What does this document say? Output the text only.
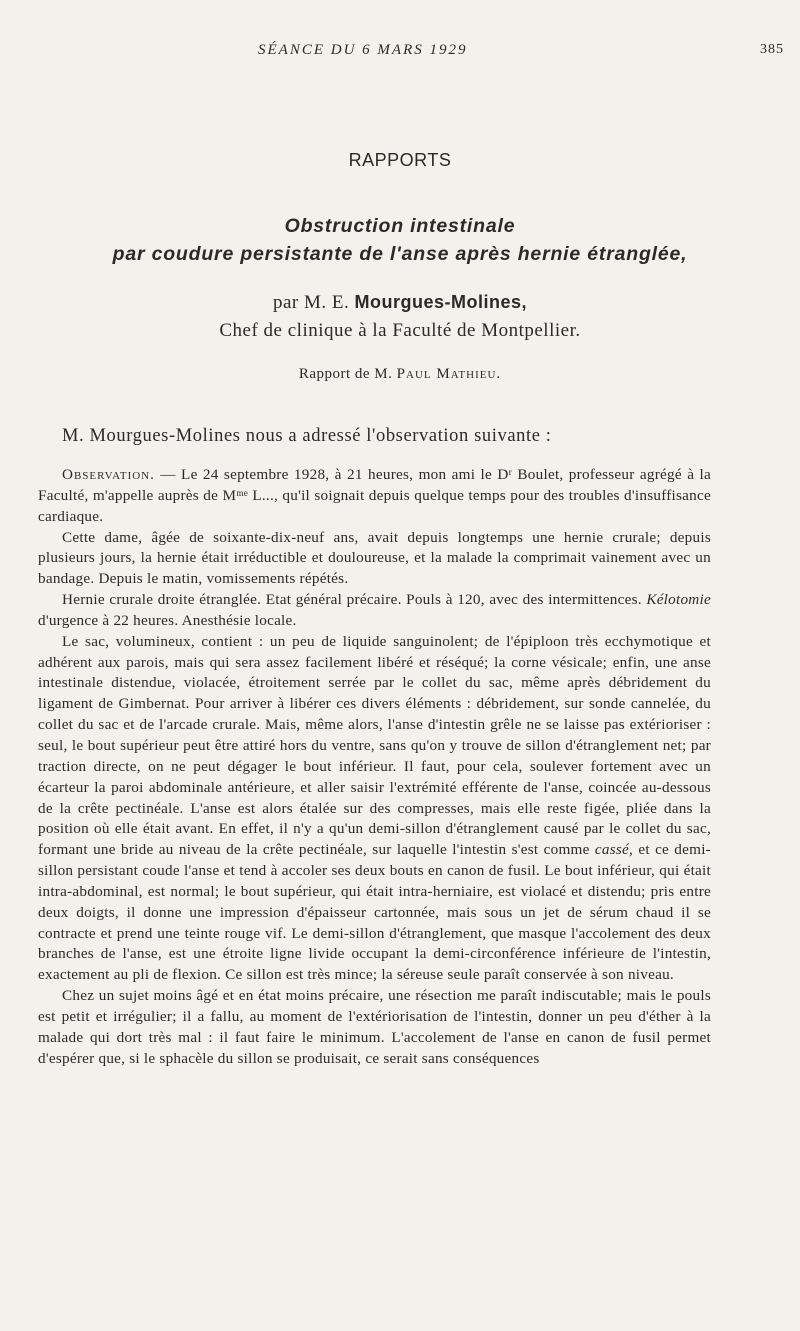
SÉANCE DU 6 MARS 1929	385
RAPPORTS
Obstruction intestinale
par coudure persistante de l'anse après hernie étranglée,
par M. E. Mourgues-Molines,
Chef de clinique à la Faculté de Montpellier.
Rapport de M. Paul Mathieu.
M. Mourgues-Molines nous a adressé l'observation suivante :

Observation. — Le 24 septembre 1928, à 21 heures, mon ami le Dʳ Boulet, professeur agrégé à la Faculté, m'appelle auprès de Mᵐᵉ L..., qu'il soignait depuis quelque temps pour des troubles d'insuffisance cardiaque.

Cette dame, âgée de soixante-dix-neuf ans, avait depuis longtemps une hernie crurale; depuis plusieurs jours, la hernie était irréductible et douloureuse, et la malade la comprimait vainement avec un bandage. Depuis le matin, vomissements répétés.

Hernie crurale droite étranglée. Etat général précaire. Pouls à 120, avec des intermittences. Kélotomie d'urgence à 22 heures. Anesthésie locale.

Le sac, volumineux, contient : un peu de liquide sanguinolent; de l'épiploon très ecchymotique et adhérent aux parois, mais qui sera assez facilement libéré et réséqué; la corne vésicale; enfin, une anse intestinale distendue, violacée, étroitement serrée par le collet du sac, même après débridement du ligament de Gimbernat. Pour arriver à libérer ces divers éléments : débridement, sur sonde cannelée, du collet du sac et de l'arcade crurale. Mais, même alors, l'anse d'intestin grêle ne se laisse pas extérioriser : seul, le bout supérieur peut être attiré hors du ventre, sans qu'on y trouve de sillon d'étranglement net; par traction directe, on ne peut dégager le bout inférieur. Il faut, pour cela, soulever fortement avec un écarteur la paroi abdominale antérieure, et aller saisir l'extrémité efférente de l'anse, coincée au-dessous de la crête pectinéale. L'anse est alors étalée sur des compresses, mais elle reste figée, pliée dans la position où elle était avant. En effet, il n'y a qu'un demi-sillon d'étranglement causé par le collet du sac, formant une bride au niveau de la crête pectinéale, sur laquelle l'intestin s'est comme cassé, et ce demi-sillon persistant coude l'anse et tend à accoler ses deux bouts en canon de fusil. Le bout inférieur, qui était intra-abdominal, est normal; le bout supérieur, qui était intra-herniaire, est violacé et distendu; pris entre deux doigts, il donne une impression d'épaisseur cartonnée, mais sous un jet de sérum chaud il se contracte et prend une teinte rouge vif. Le demi-sillon d'étranglement, que masque l'accolement des deux branches de l'anse, est une étroite ligne livide occupant la demi-circonférence inférieure de l'intestin, exactement au pli de flexion. Ce sillon est très mince; la séreuse seule paraît conservée à son niveau.

Chez un sujet moins âgé et en état moins précaire, une résection me paraît indiscutable; mais le pouls est petit et irrégulier; il a fallu, au moment de l'extériorisation de l'intestin, donner un peu d'éther à la malade qui dort très mal : il faut faire le minimum. L'accolement de l'anse en canon de fusil permet d'espérer que, si le sphacèle du sillon se produisait, ce serait sans conséquences
